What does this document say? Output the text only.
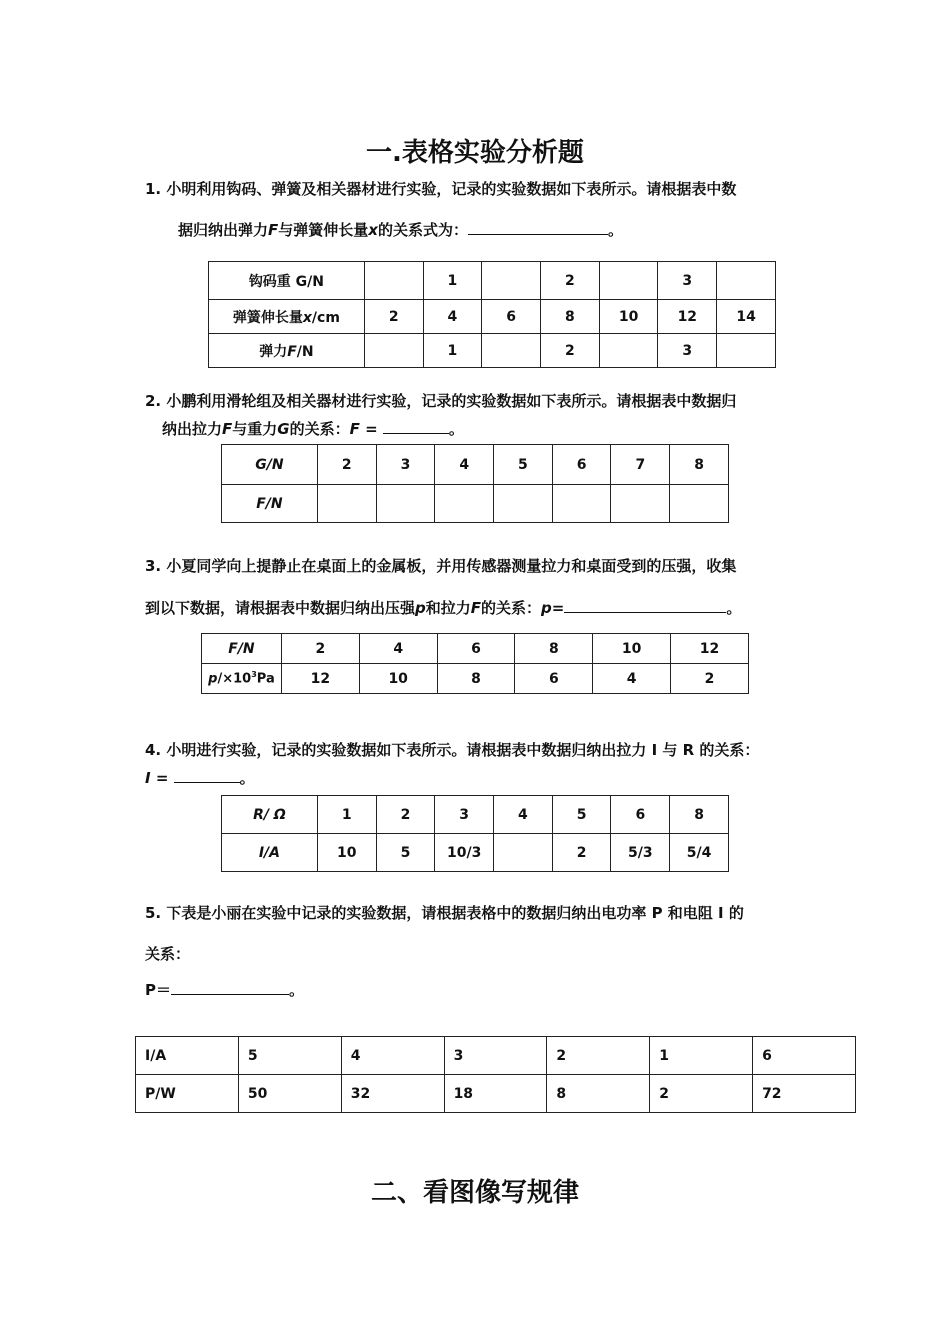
一.表格实验分析题
1. 小明利用钩码、弹簧及相关器材进行实验，记录的实验数据如下表所示。请根据表中数
据归纳出弹力F与弹簧伸长量x的关系式为：	。
钩码重 G/N		1		2		3	
弹簧伸长量x/cm	2	4	6	8	10	12	14
弹力F/N		1		2		3	
2. 小鹏利用滑轮组及相关器材进行实验，记录的实验数据如下表所示。请根据表中数据归
纳出拉力F与重力G的关系：F =	。
G/N	2	3	4	5	6	7	8
F/N							
3. 小夏同学向上提静止在桌面上的金属板，并用传感器测量拉力和桌面受到的压强，收集
到以下数据，请根据表中数据归纳出压强p和拉力F的关系：p=	。
F/N	2	4	6	8	10	12
$p/\times 10^3Pa$	12	10	8	6	4	2
4. 小明进行实验，记录的实验数据如下表所示。请根据表中数据归纳出拉力 I 与 R 的关系：
I =	。
R/ Ω	1	2	3	4	5	6	8
I/A	10	5	10/3		2	5/3	5/4
5. 下表是小丽在实验中记录的实验数据，请根据表格中的数据归纳出电功率 P 和电阻 I 的
关系：
P＝	。
I/A	5	4	3	2	1	6
P/W	50	32	18	8	2	72
二、看图像写规律
